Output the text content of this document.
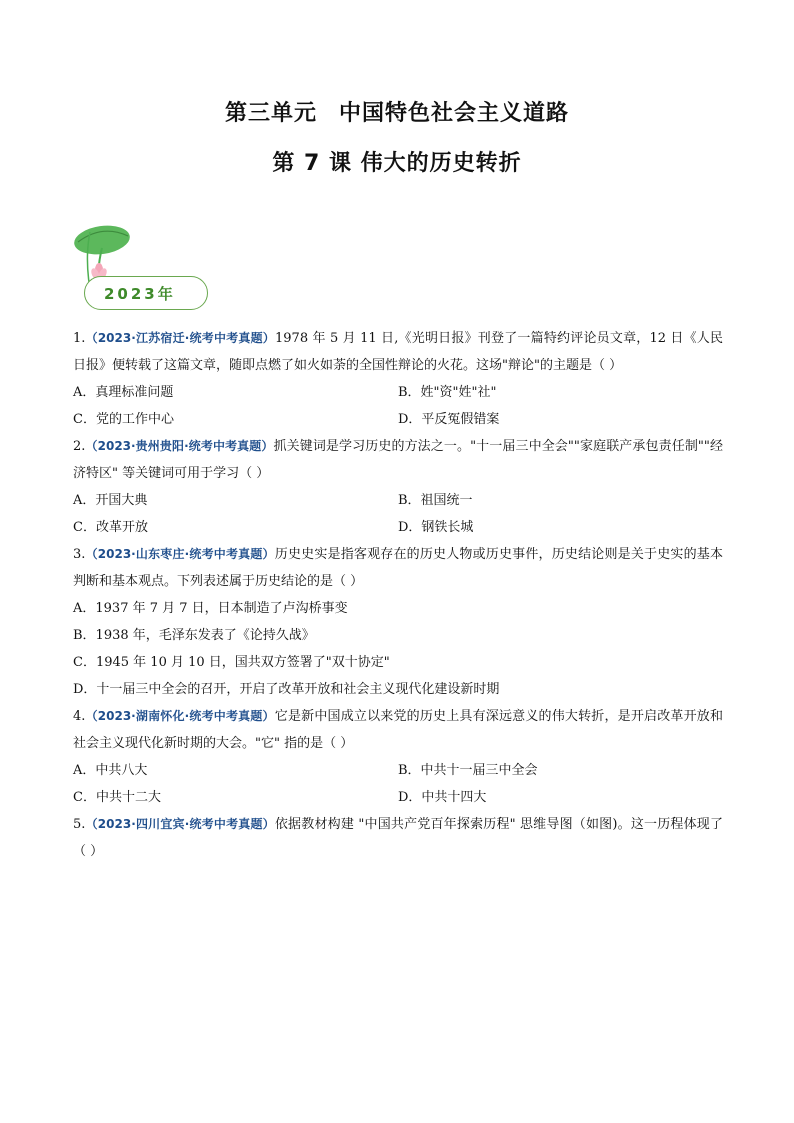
第三单元 中国特色社会主义道路
第 7 课 伟大的历史转折
2023年

1.（2023·江苏宿迁·统考中考真题）1978 年 5 月 11 日,《光明日报》刊登了一篇特约评论员文章，12 日《人民日报》便转载了这篇文章，随即点燃了如火如荼的全国性辩论的火花。这场"辩论"的主题是（ ）

A．真理标准问题	B．姓"资"姓"社"

C．党的工作中心	D．平反冤假错案

2.（2023·贵州贵阳·统考中考真题）抓关键词是学习历史的方法之一。"十一届三中全会""家庭联产承包责任制""经济特区" 等关键词可用于学习（ ）

A．开国大典	B．祖国统一

C．改革开放	D．钢铁长城

3.（2023·山东枣庄·统考中考真题）历史史实是指客观存在的历史人物或历史事件，历史结论则是关于史实的基本判断和基本观点。下列表述属于历史结论的是（ ）

A．1937 年 7 月 7 日，日本制造了卢沟桥事变

B．1938 年，毛泽东发表了《论持久战》

C．1945 年 10 月 10 日，国共双方签署了"双十协定"

D．十一届三中全会的召开，开启了改革开放和社会主义现代化建设新时期

4.（2023·湖南怀化·统考中考真题）它是新中国成立以来党的历史上具有深远意义的伟大转折，是开启改革开放和社会主义现代化新时期的大会。"它" 指的是（ ）

A．中共八大	B．中共十一届三中全会

C．中共十二大	D．中共十四大

5.（2023·四川宜宾·统考中考真题）依据教材构建 "中国共产党百年探索历程" 思维导图（如图)。这一历程体现了（ ）
